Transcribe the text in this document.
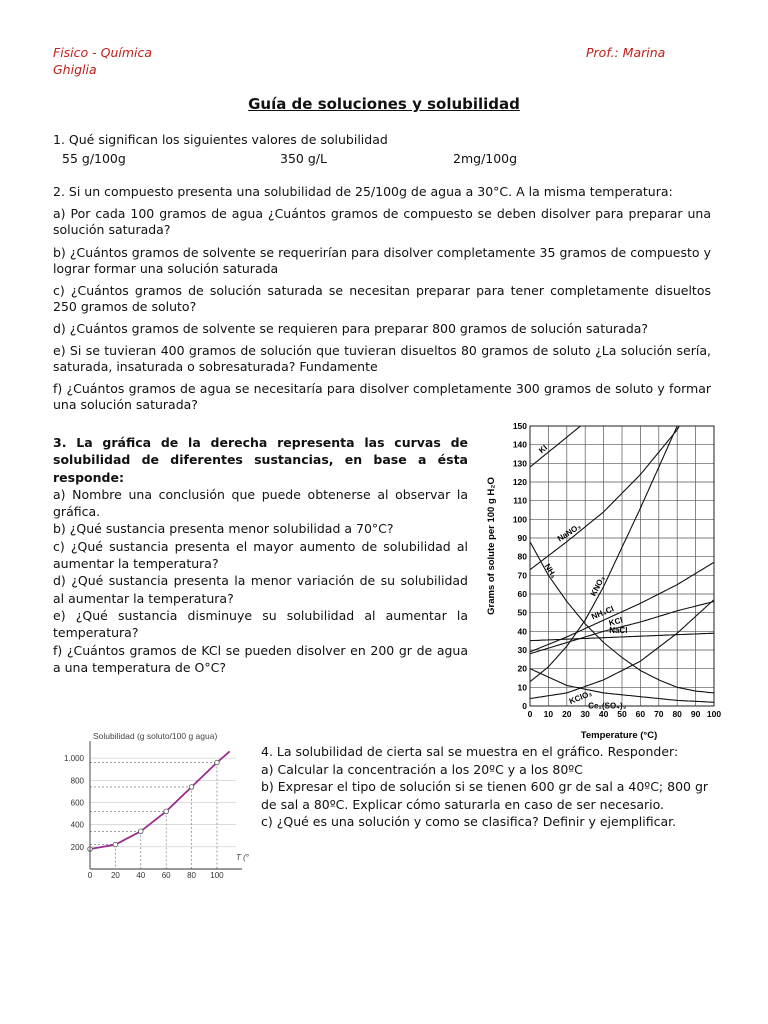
Fisico - Química
Ghiglia
Prof.: Marina
Guía de soluciones y solubilidad
1. Qué significan los siguientes valores de solubilidad
55 g/100g	350 g/L	2mg/100g
2. Si un compuesto presenta una solubilidad de 25/100g de agua a 30°C. A la misma temperatura:
a) Por cada 100 gramos de agua ¿Cuántos gramos de compuesto se deben disolver para preparar una solución saturada?
b) ¿Cuántos gramos de solvente se requerirían para disolver completamente 35 gramos de compuesto y lograr formar una solución saturada
c) ¿Cuántos gramos de solución saturada se necesitan preparar para tener completamente disueltos 250 gramos de soluto?
d) ¿Cuántos gramos de solvente se requieren para preparar 800 gramos de solución saturada?
e) Si se tuvieran 400 gramos de solución que tuvieran disueltos 80 gramos de soluto ¿La solución sería, saturada, insaturada o sobresaturada? Fundamente
f) ¿Cuántos gramos de agua se necesitaría para disolver completamente 300 gramos de soluto y formar una solución saturada?
3. La gráfica de la derecha representa las curvas de solubilidad de diferentes sustancias, en base a ésta responde:
a) Nombre una conclusión que puede obtenerse al observar la gráfica.
b) ¿Qué sustancia presenta menor solubilidad a 70°C?
c) ¿Qué sustancia presenta el mayor aumento de solubilidad al aumentar la temperatura?
d) ¿Qué sustancia presenta la menor variación de su solubilidad al aumentar la temperatura?
e) ¿Qué sustancia disminuye su solubilidad al aumentar la temperatura?
f) ¿Cuántos gramos de KCl se pueden disolver en 200 gr de agua a una temperatura de O°C?
KI
NaNO₃
KNO₃
NH₃
NH₄Cl
KCl
NaCl
KClO₃
Ce₂(SO₄)₃
0 10 20 30 40 50 60 70 80 90 100
0
10
20
30
40
50
60
70
80
90
100
110
120
130
140
150
Grams of solute per 100 g H₂O
Temperature (°C)
200
400
600
800
1.000
0 20 40 60 80 100
Solubilidad (g soluto/100 g agua)
T (°
4. La solubilidad de cierta sal se muestra en el gráfico. Responder:
a) Calcular la concentración a los 20ºC y a los 80ºC
b) Expresar el tipo de solución si se tienen 600 gr de sal a 40ºC; 800 gr de sal a 80ºC. Explicar cómo saturarla en caso de ser necesario.
c) ¿Qué es una solución y como se clasifica? Definir y ejemplificar.
